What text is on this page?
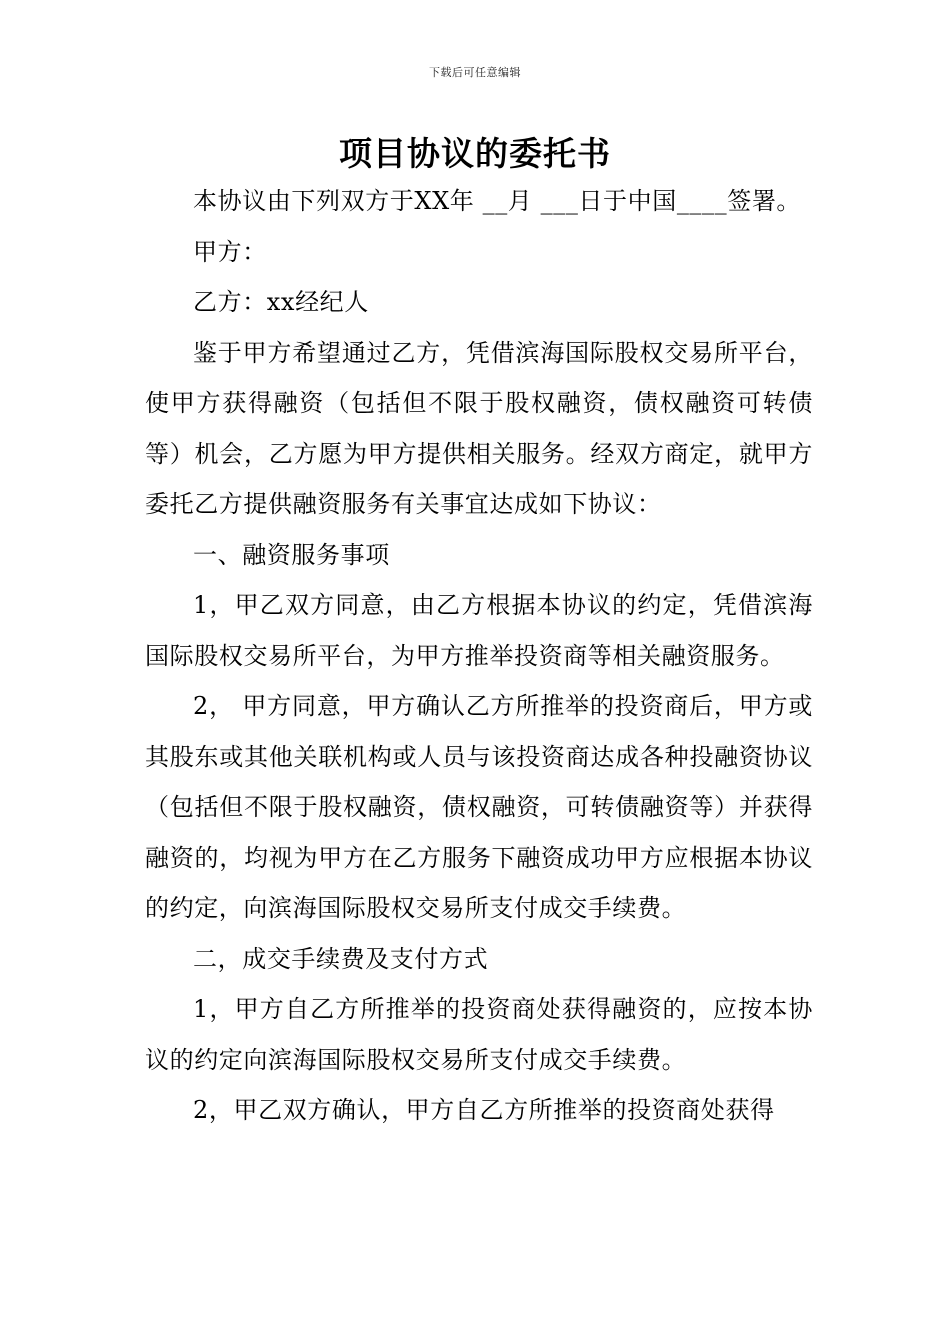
下载后可任意编辑
项目协议的委托书

本协议由下列双方于XX年 __月 ___日于中国____签署。

甲方：

乙方：xx经纪人

鉴于甲方希望通过乙方，凭借滨海国际股权交易所平台，使甲方获得融资（包括但不限于股权融资，债权融资可转债等）机会，乙方愿为甲方提供相关服务。经双方商定，就甲方委托乙方提供融资服务有关事宜达成如下协议：

一、融资服务事项

1，甲乙双方同意，由乙方根据本协议的约定，凭借滨海国际股权交易所平台，为甲方推举投资商等相关融资服务。

2， 甲方同意，甲方确认乙方所推举的投资商后，甲方或其股东或其他关联机构或人员与该投资商达成各种投融资协议（包括但不限于股权融资，债权融资，可转债融资等）并获得融资的，均视为甲方在乙方服务下融资成功甲方应根据本协议的约定，向滨海国际股权交易所支付成交手续费。

二，成交手续费及支付方式

1，甲方自乙方所推举的投资商处获得融资的，应按本协议的约定向滨海国际股权交易所支付成交手续费。

2，甲乙双方确认，甲方自乙方所推举的投资商处获得
